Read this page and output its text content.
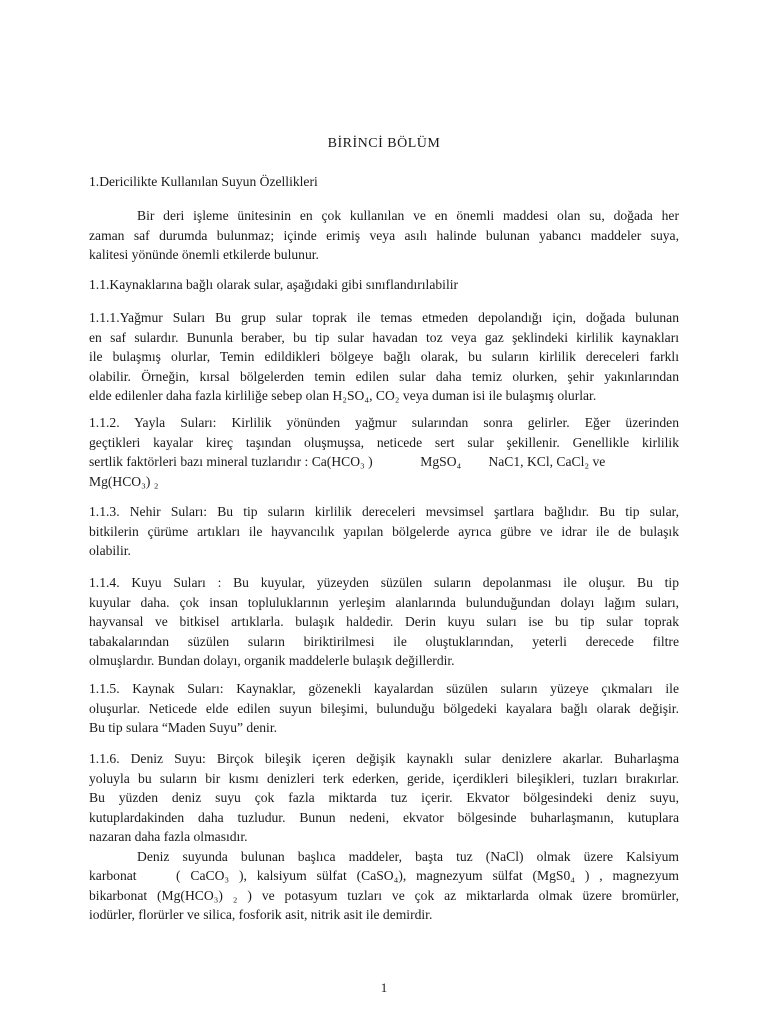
BİRİNCİ BÖLÜM
1.Dericilikte Kullanılan Suyun Özellikleri
Bir deri işleme ünitesinin en çok kullanılan ve en önemli maddesi olan su, doğada her
zaman saf durumda bulunmaz; içinde erimiş veya asılı halinde bulunan yabancı maddeler suya,
kalitesi yönünde önemli etkilerde bulunur.
1.1.Kaynaklarına bağlı olarak sular, aşağıdaki gibi sınıflandırılabilir
1.1.1.Yağmur Suları Bu grup sular toprak ile temas etmeden depolandığı için, doğada bulunan
en saf sulardır. Bununla beraber, bu tip sular havadan toz veya gaz şeklindeki kirlilik kaynakları
ile bulaşmış olurlar, Temin edildikleri bölgeye bağlı olarak, bu suların kirlilik dereceleri farklı
olabilir. Örneğin, kırsal bölgelerden temin edilen sular daha temiz olurken, şehir yakınlarından
elde edilenler daha fazla kirliliğe sebep olan H₂SO₄, CO₂ veya duman isi ile bulaşmış olurlar.
1.1.2. Yayla Suları: Kirlilik yönünden yağmur sularından sonra gelirler. Eğer üzerinden
geçtikleri kayalar kireç taşından oluşmuşsa, neticede sert sular şekillenir. Genellikle kirlilik
sertlik faktörleri bazı mineral tuzlarıdır : Ca(HCO₃ )              MgSO₄        NaC1, KCl, CaCl₂ ve
Mg(HCO₃) ₂
1.1.3. Nehir Suları: Bu tip suların kirlilik dereceleri mevsimsel şartlara bağlıdır. Bu tip sular,
bitkilerin çürüme artıkları ile hayvancılık yapılan bölgelerde ayrıca gübre ve idrar ile de bulaşık
olabilir.
1.1.4. Kuyu Suları : Bu kuyular, yüzeyden süzülen suların depolanması ile oluşur. Bu tip
kuyular daha. çok insan topluluklarının yerleşim alanlarında bulunduğundan dolayı lağım suları,
hayvansal ve bitkisel artıklarla. bulaşık haldedir. Derin kuyu suları ise bu tip sular toprak
tabakalarından süzülen suların biriktirilmesi ile oluştuklarından, yeterli derecede filtre
olmuşlardır. Bundan dolayı, organik maddelerle bulaşık değillerdir.
1.1.5. Kaynak Suları: Kaynaklar, gözenekli kayalardan süzülen suların yüzeye çıkmaları ile
oluşurlar. Neticede elde edilen suyun bileşimi, bulunduğu bölgedeki kayalara bağlı olarak değişir.
Bu tip sulara “Maden Suyu” denir.
1.1.6. Deniz Suyu: Birçok bileşik içeren değişik kaynaklı sular denizlere akarlar. Buharlaşma
yoluyla bu suların bir kısmı denizleri terk ederken, geride, içerdikleri bileşikleri, tuzları bırakırlar.
Bu yüzden deniz suyu çok fazla miktarda tuz içerir. Ekvator bölgesindeki deniz suyu,
kutuplardakinden daha tuzludur. Bunun nedeni, ekvator bölgesinde buharlaşmanın, kutuplara
nazaran daha fazla olmasıdır.
Deniz suyunda bulunan başlıca maddeler, başta tuz (NaCl) olmak üzere Kalsiyum
karbonat    ( CaCO₃ ), kalsiyum sülfat (CaSO₄), magnezyum sülfat (MgS0₄ ) , magnezyum
bikarbonat (Mg(HCO₃) ₂ ) ve potasyum tuzları ve çok az miktarlarda olmak üzere bromürler,
iodürler, florürler ve silica, fosforik asit, nitrik asit ile demirdir.
1
